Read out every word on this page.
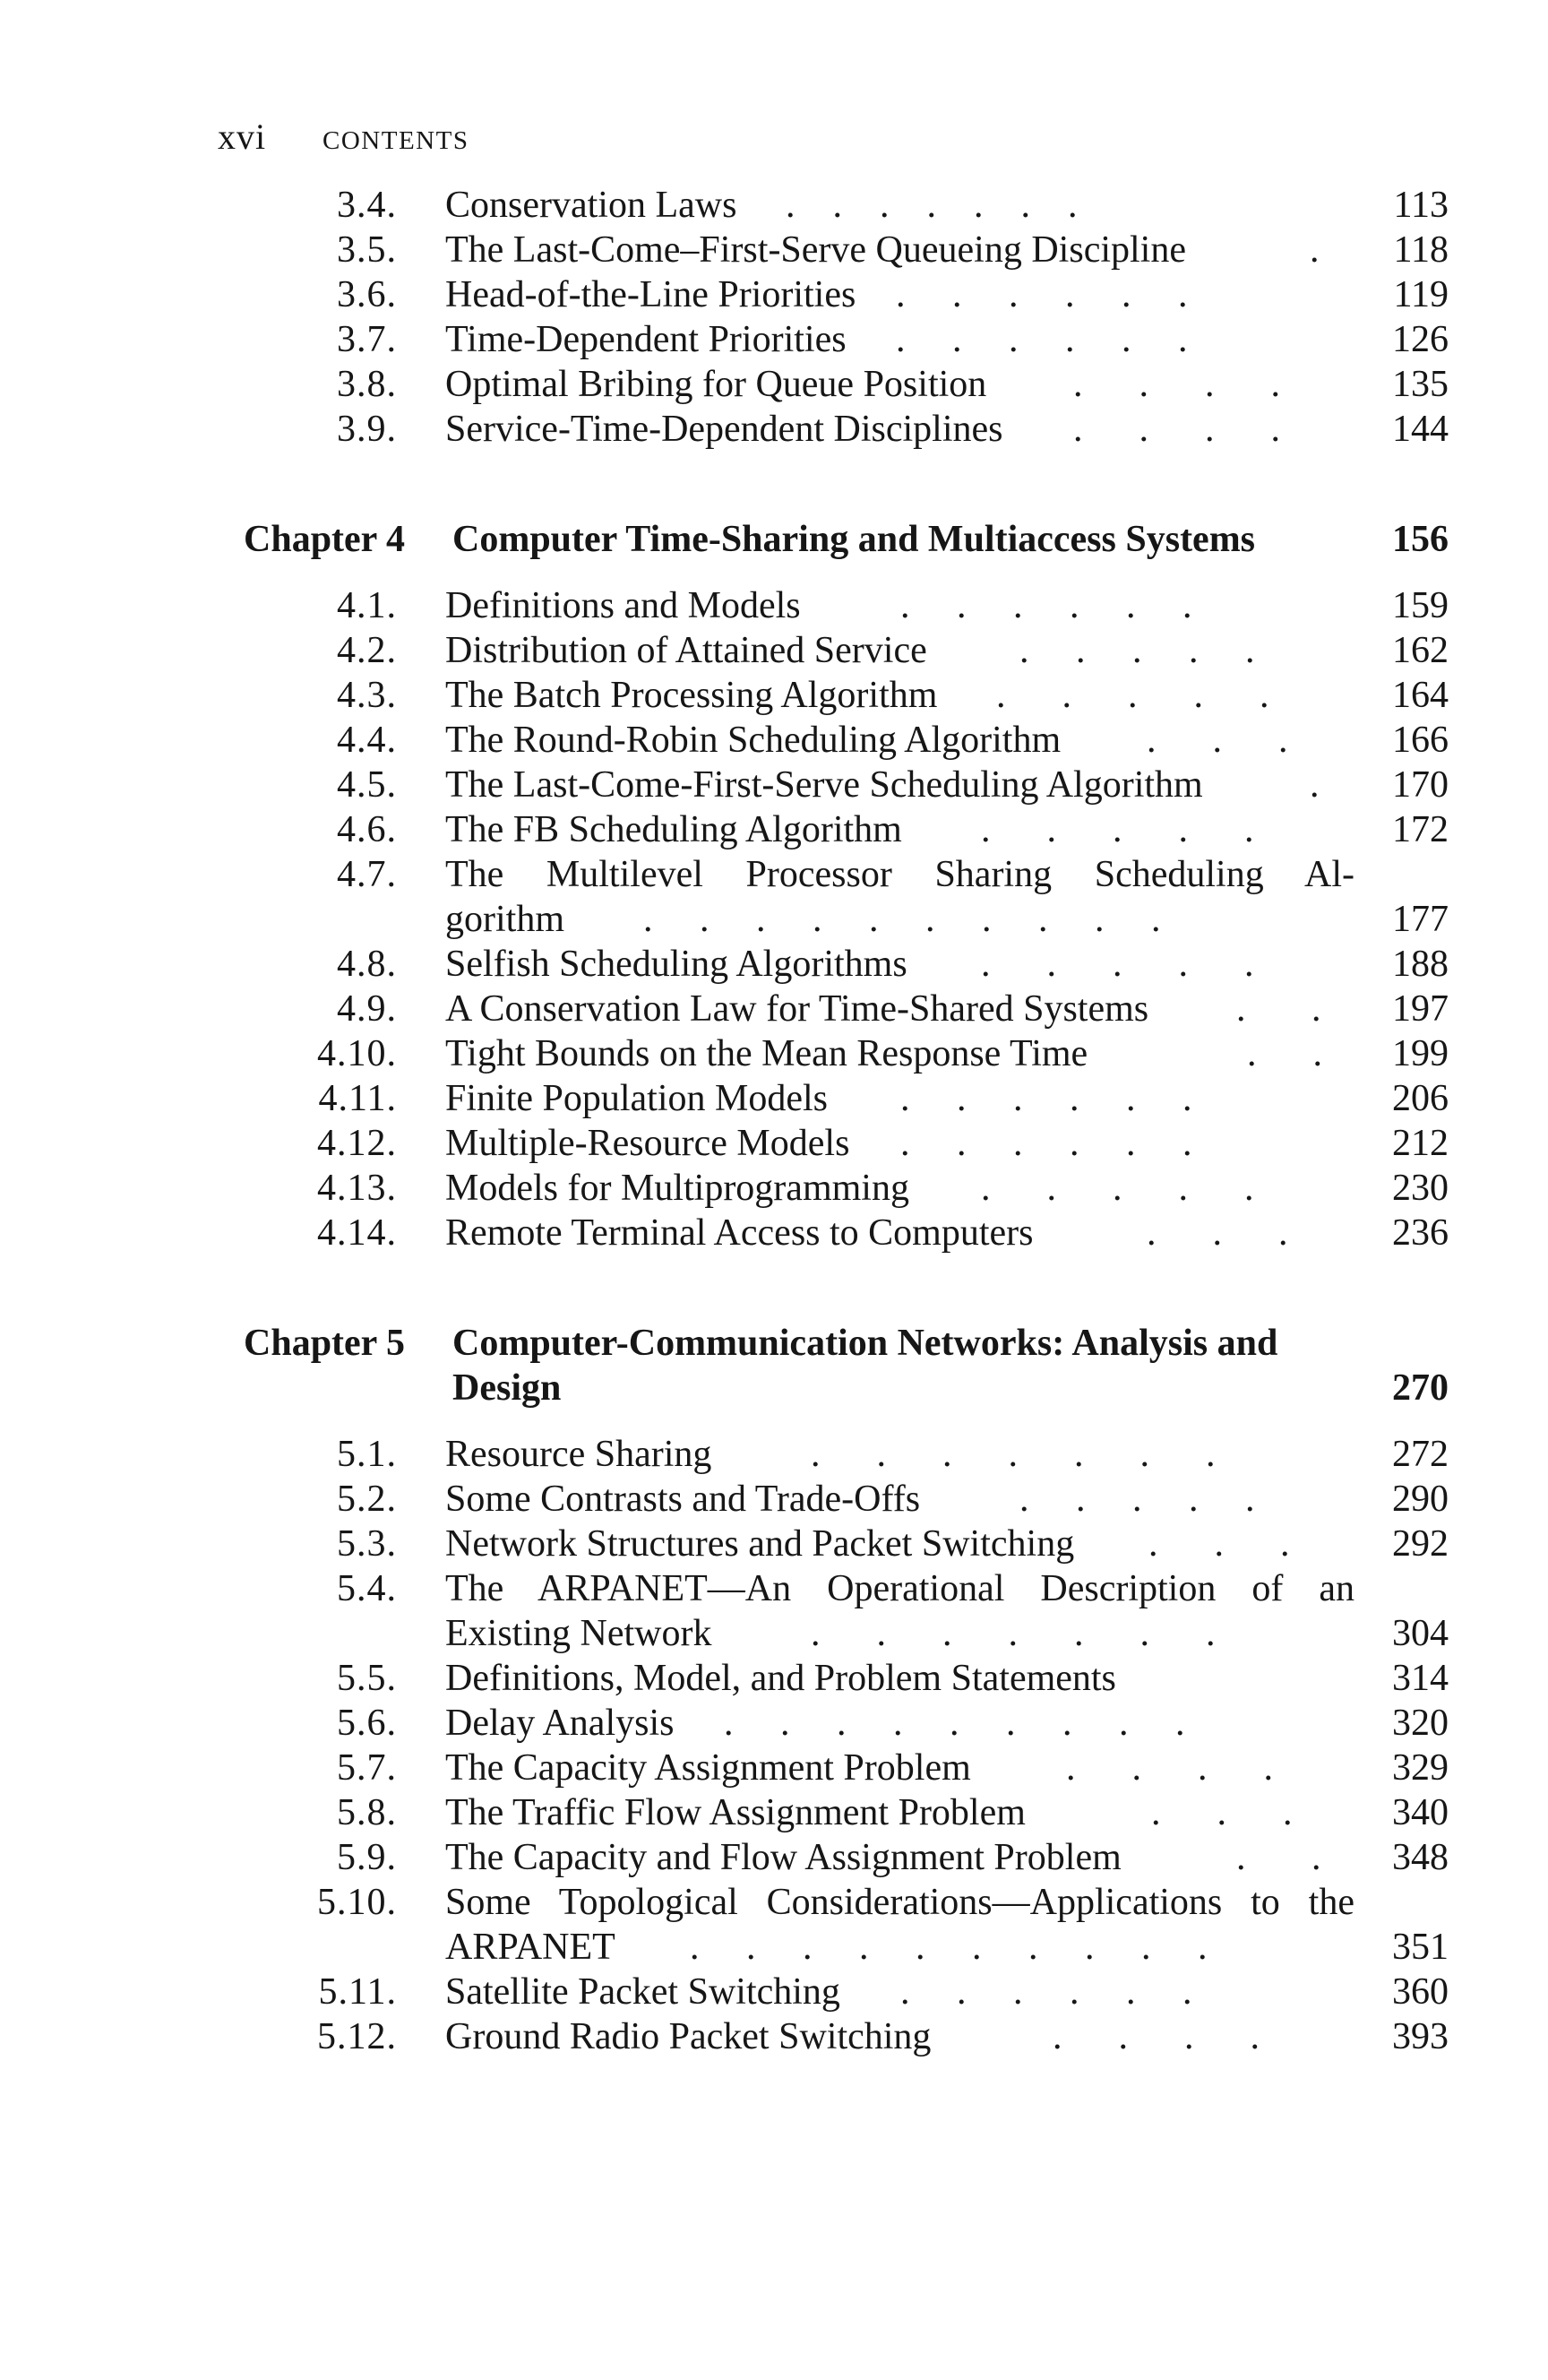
xvi CONTENTS
3.4. Conservation Laws .    .    .    .    .    .    .	113
3.5. The Last-Come–First-Serve Queueing Discipline	.	118
3.6. Head-of-the-Line Priorities .     .     .     .     .     .	119
3.7. Time-Dependent Priorities .     .     .     .     .     .	126
3.8. Optimal Bribing for Queue Position .      .      .      .	135
3.9. Service-Time-Dependent Disciplines .      .      .      .	144
Chapter 4 Computer Time-Sharing and Multiaccess Systems	156
4.1. Definitions and Models	.     .     .     .     .     .	159
4.2. Distribution of Attained Service .     .     .     .     .	162
4.3. The Batch Processing Algorithm .      .      .      .      .	164
4.4. The Round-Robin Scheduling Algorithm .      .      .	166
4.5. The Last-Come-First-Serve Scheduling Algorithm	.	170
4.6. The FB Scheduling Algorithm .      .      .      .      .	172
4.7. The Multilevel Processor Sharing Scheduling Al-
gorithm .     .     .     .     .     .     .     .     .     .	177
4.8. Selfish Scheduling Algorithms .      .      .      .      .	188
4.9. A Conservation Law for Time-Shared Systems .       .	197
4.10. Tight Bounds on the Mean Response Time	.      .	199
4.11. Finite Population Models .     .     .     .     .     .	206
4.12. Multiple-Resource Models .     .     .     .     .     .	212
4.13. Models for Multiprogramming .      .      .      .      .	230
4.14. Remote Terminal Access to Computers	.      .      .	236
Chapter 5 Computer-Communication Networks: Analysis and
Design	270
5.1. Resource Sharing	.      .      .      .      .      .      .	272
5.2. Some Contrasts and Trade-Offs	.     .     .     .     .	290
5.3. Network Structures and Packet Switching .      .      .	292
5.4. The ARPANET—An Operational Description of an
Existing Network	.      .      .      .      .      .      .	304
5.5. Definitions, Model, and Problem Statements	314
5.6. Delay Analysis .     .     .     .     .     .     .     .     .	320
5.7. The Capacity Assignment Problem	.      .      .      .	329
5.8. The Traffic Flow Assignment Problem	.      .      .	340
5.9. The Capacity and Flow Assignment Problem	.       .	348
5.10. Some Topological Considerations—Applications to the
ARPANET .     .     .     .     .     .     .     .     .     .	351
5.11. Satellite Packet Switching .     .     .     .     .     .	360
5.12. Ground Radio Packet Switching	.      .      .      .	393
